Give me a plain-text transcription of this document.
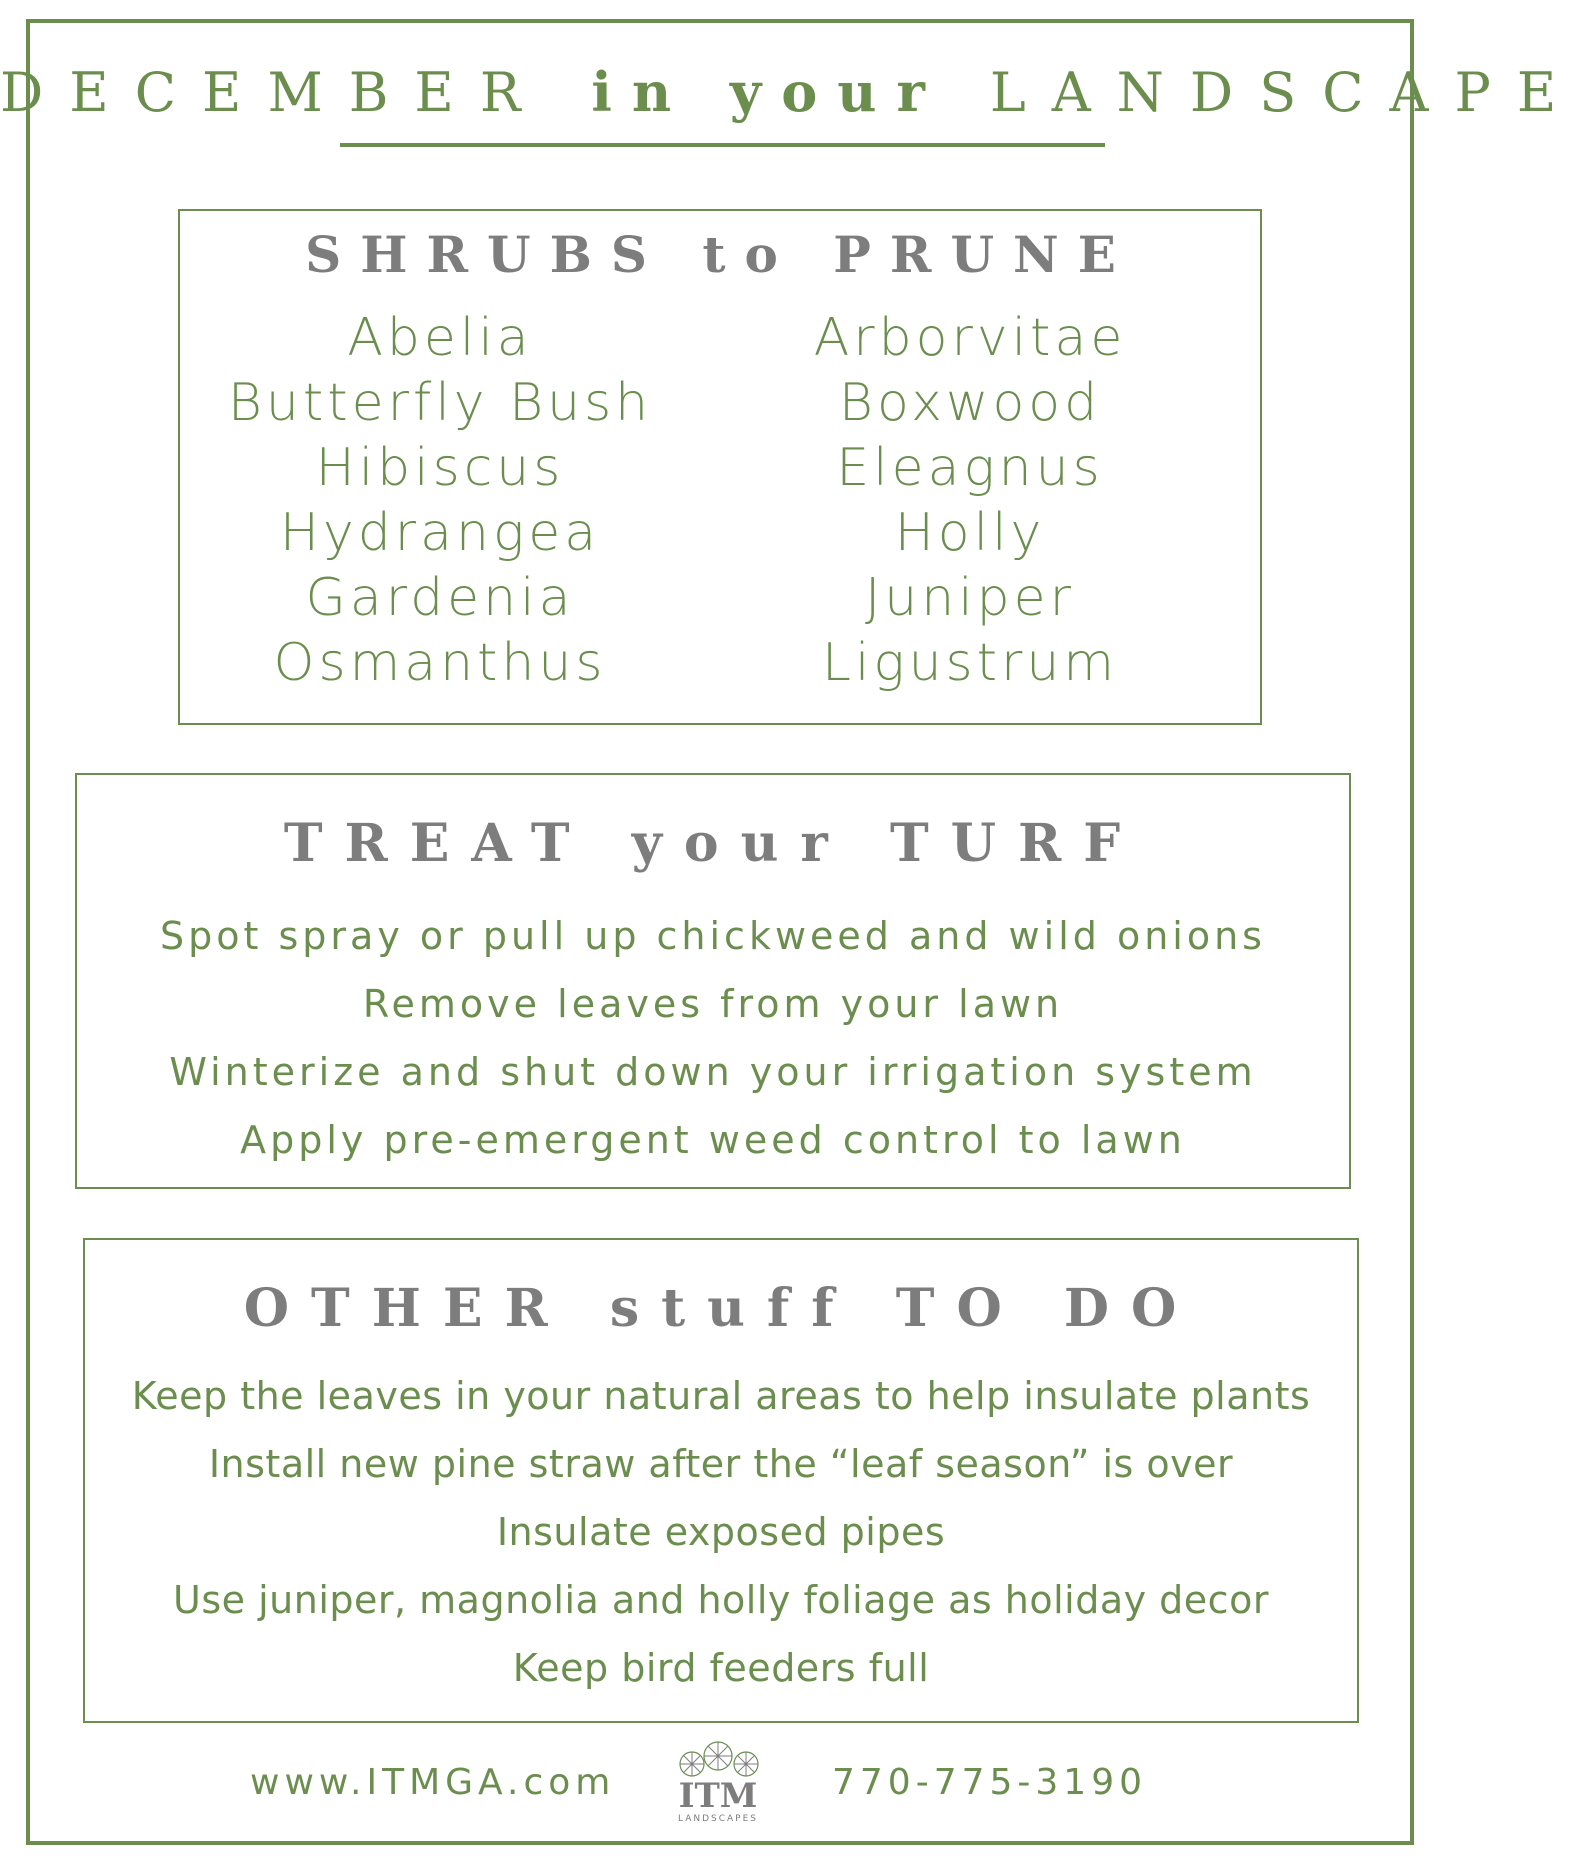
DECEMBER in your LANDSCAPE
SHRUBS to PRUNE
Abelia
Butterfly Bush
Hibiscus
Hydrangea
Gardenia
Osmanthus
Arborvitae
Boxwood
Eleagnus
Holly
Juniper
Ligustrum
TREAT your TURF
Spot spray or pull up chickweed and wild onions
Remove leaves from your lawn
Winterize and shut down your irrigation system
Apply pre-emergent weed control to lawn
OTHER stuff TO DO
Keep the leaves in your natural areas to help insulate plants
Install new pine straw after the “leaf season” is over
Insulate exposed pipes
Use juniper, magnolia and holly foliage as holiday decor
Keep bird feeders full
www.ITMGA.com	ITM
LANDSCAPES
770-775-3190
